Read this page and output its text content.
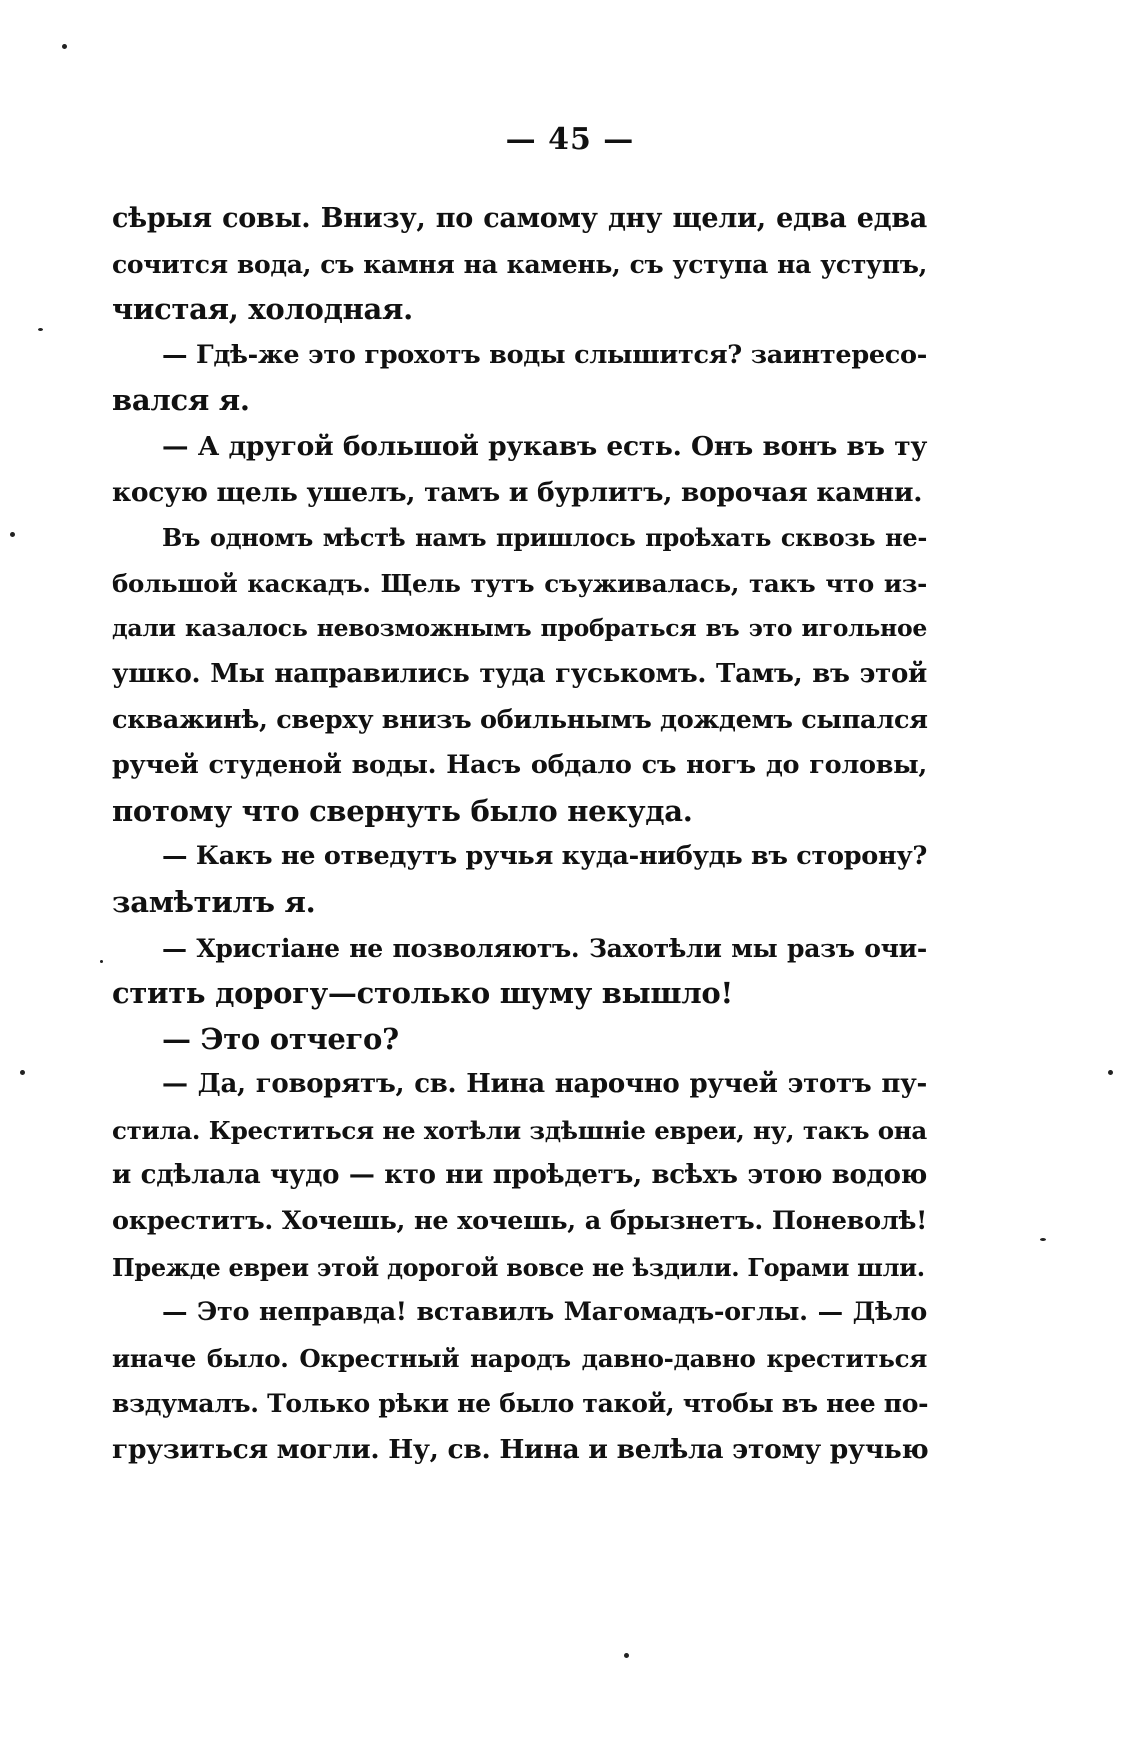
— 45 —
сѣрыя совы. Внизу, по самому дну щели, едва едва
сочится вода, съ камня на камень, съ уступа на уступъ,
чистая, холодная.
— Гдѣ-же это грохотъ воды слышится? заинтересо-
вался я.
— А другой большой рукавъ есть. Онъ вонъ въ ту
косую щель ушелъ, тамъ и бурлитъ, ворочая камни.
Въ одномъ мѣстѣ намъ пришлось проѣхать сквозь не-
большой каскадъ. Щель тутъ съуживалась, такъ что из-
дали казалось невозможнымъ пробраться въ это игольное
ушко. Мы направились туда гуськомъ. Тамъ, въ этой
скважинѣ, сверху внизъ обильнымъ дождемъ сыпался
ручей студеной воды. Насъ обдало съ ногъ до головы,
потому что свернуть было некуда.
— Какъ не отведутъ ручья куда-нибудь въ сторону?
замѣтилъ я.
— Христіане не позволяютъ. Захотѣли мы разъ очи-
стить дорогу—столько шуму вышло!
— Это отчего?
— Да, говорятъ, св. Нина нарочно ручей этотъ пу-
стила. Креститься не хотѣли здѣшніе евреи, ну, такъ она
и сдѣлала чудо — кто ни проѣдетъ, всѣхъ этою водою
окреститъ. Хочешь, не хочешь, а брызнетъ. Поневолѣ!
Прежде евреи этой дорогой вовсе не ѣздили. Горами шли.
— Это неправда! вставилъ Магомадъ-оглы. — Дѣло
иначе было. Окрестный народъ давно-давно креститься
вздумалъ. Только рѣки не было такой, чтобы въ нее по-
грузиться могли. Ну, св. Нина и велѣла этому ручью
